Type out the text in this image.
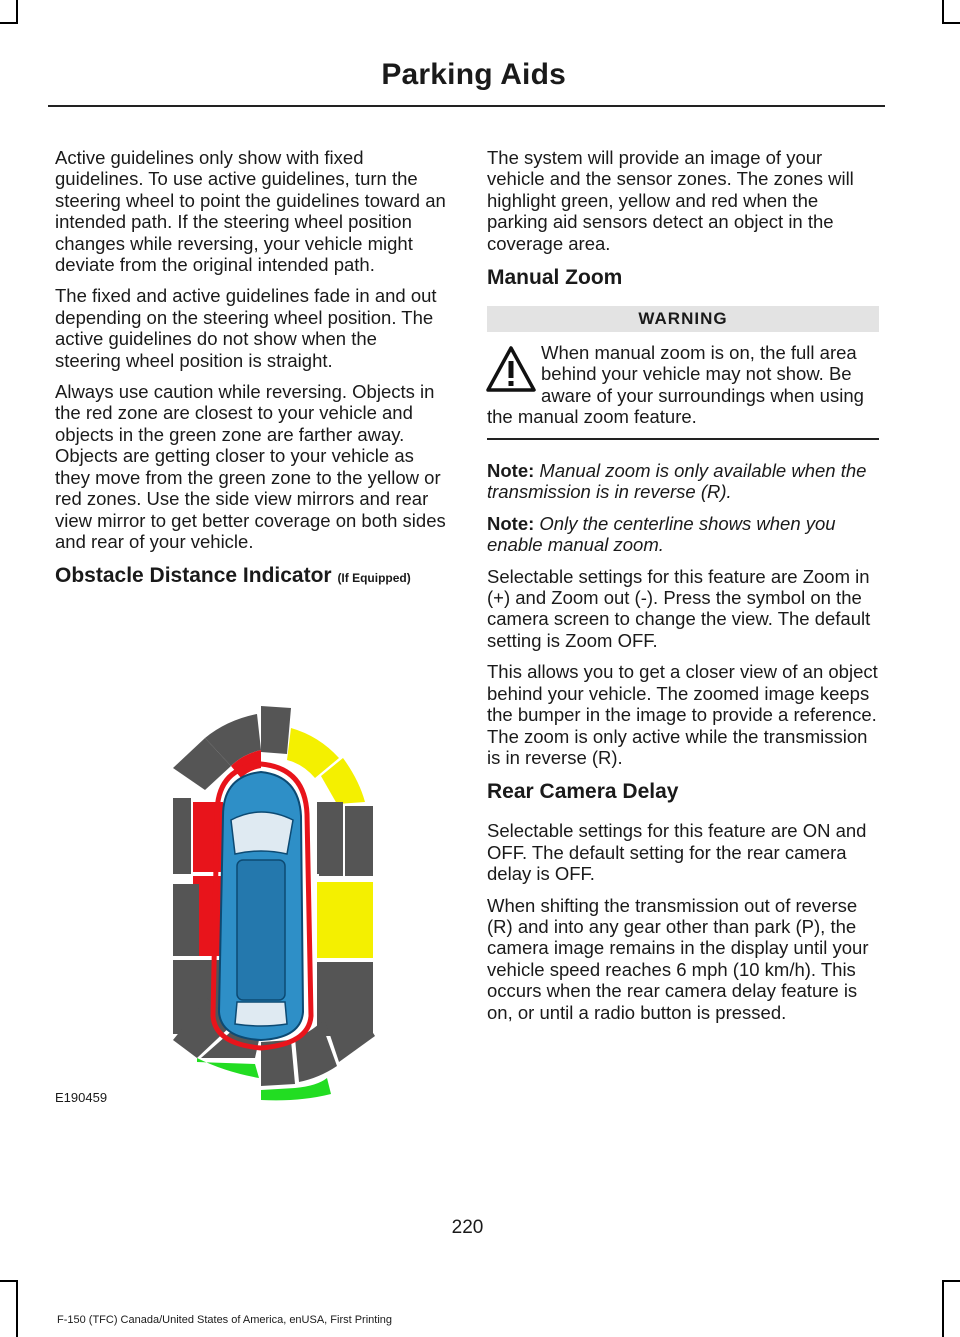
Parking Aids

Active guidelines only show with fixed guidelines. To use active guidelines, turn the steering wheel to point the guidelines toward an intended path. If the steering wheel position changes while reversing, your vehicle might deviate from the original intended path.

The fixed and active guidelines fade in and out depending on the steering wheel position. The active guidelines do not show when the steering wheel position is straight.

Always use caution while reversing. Objects in the red zone are closest to your vehicle and objects in the green zone are farther away. Objects are getting closer to your vehicle as they move from the green zone to the yellow or red zones. Use the side view mirrors and rear view mirror to get better coverage on both sides and rear of your vehicle.

Obstacle Distance Indicator (If Equipped)
E190459

The system will provide an image of your vehicle and the sensor zones. The zones will highlight green, yellow and red when the parking aid sensors detect an object in the coverage area.

Manual Zoom
WARNING
When manual zoom is on, the full area behind your vehicle may not show. Be aware of your surroundings when using the manual zoom feature.

Note: Manual zoom is only available when the transmission is in reverse (R).

Note: Only the centerline shows when you enable manual zoom.

Selectable settings for this feature are Zoom in (+) and Zoom out (-). Press the symbol on the camera screen to change the view. The default setting is Zoom OFF.

This allows you to get a closer view of an object behind your vehicle. The zoomed image keeps the bumper in the image to provide a reference. The zoom is only active while the transmission is in reverse (R).

Rear Camera Delay

Selectable settings for this feature are ON and OFF. The default setting for the rear camera delay is OFF.

When shifting the transmission out of reverse (R) and into any gear other than park (P), the camera image remains in the display until your vehicle speed reaches 6 mph (10 km/h). This occurs when the rear camera delay feature is on, or until a radio button is pressed.

220
F-150 (TFC) Canada/United States of America, enUSA, First Printing
